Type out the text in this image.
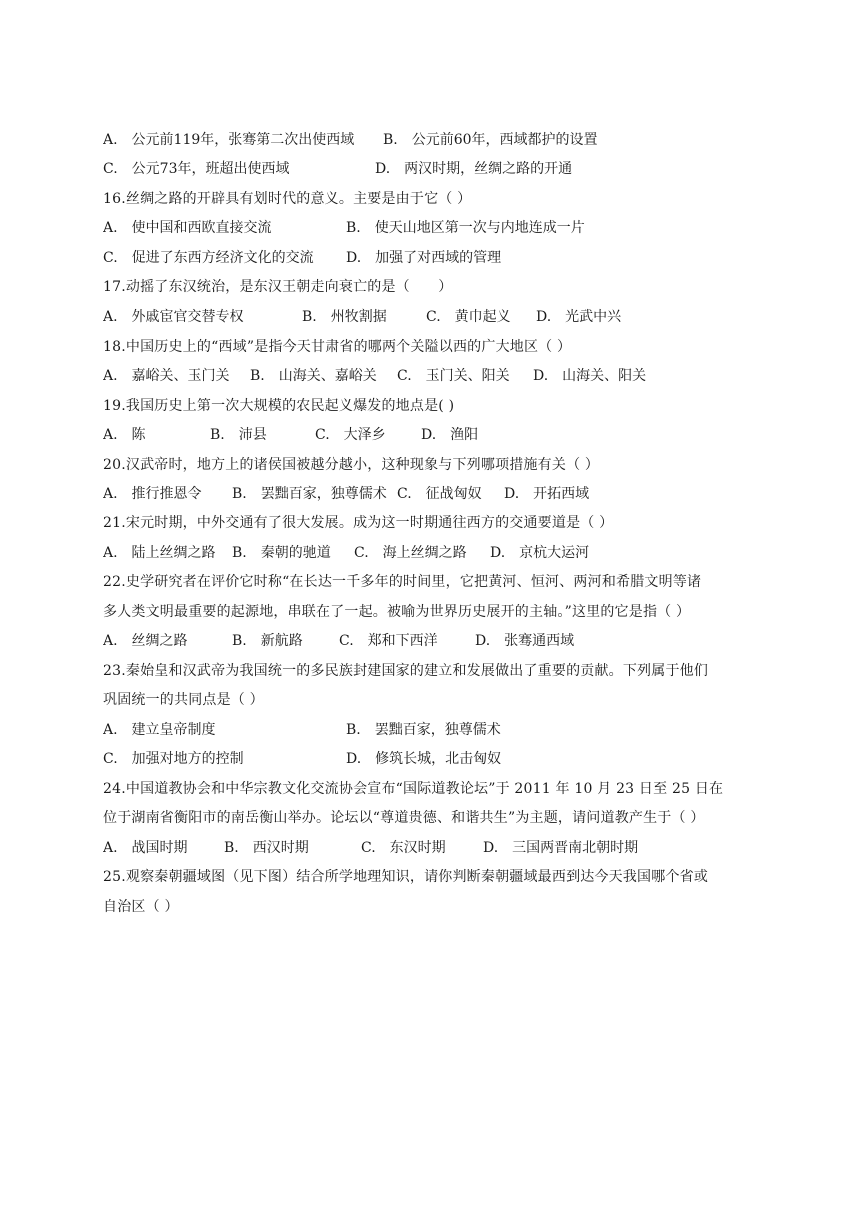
A.　公元前119年，张骞第二次出使西域

B.　公元前60年，西域都护的设置

C.　公元73年，班超出使西域

	D.　两汉时期，丝绸之路的开通

16.丝绸之路的开辟具有划时代的意义。主要是由于它（ ）

A.　使中国和西欧直接交流

	B.　使天山地区第一次与内地连成一片

C.　促进了东西方经济文化的交流

D.　加强了对西域的管理

17.动摇了东汉统治，是东汉王朝走向衰亡的是（　　）

A.　外戚宦官交替专权

	B.　州牧割据

	C.　黄巾起义

D.　光武中兴

18.中国历史上的“西域”是指今天甘肃省的哪两个关隘以西的广大地区（ ）

A.　嘉峪关、玉门关

B.　山海关、嘉峪关

C.　玉门关、阳关

D.　山海关、阳关

19.我国历史上第一次大规模的农民起义爆发的地点是( )

A.　陈

	B.　沛县

	C.　大泽乡

	D.　渔阳

20.汉武帝时，地方上的诸侯国被越分越小，这种现象与下列哪项措施有关（ ）

A.　推行推恩令

B.　罢黜百家，独尊儒术

C.　征战匈奴

D.　开拓西域

21.宋元时期，中外交通有了很大发展。成为这一时期通往西方的交通要道是（ ）

A.　陆上丝绸之路

B.　秦朝的驰道

C.　海上丝绸之路

D.　京杭大运河

22.史学研究者在评价它时称“在长达一千多年的时间里，它把黄河、恒河、两河和希腊文明等诸
多人类文明最重要的起源地，串联在了一起。被喻为世界历史展开的主轴。”这里的它是指（ ）

A.　丝绸之路

	B.　新航路

	C.　郑和下西洋

	D.　张骞通西域

23.秦始皇和汉武帝为我国统一的多民族封建国家的建立和发展做出了重要的贡献。下列属于他们
巩固统一的共同点是（ ）

A.　建立皇帝制度

	B.　罢黜百家，独尊儒术

C.　加强对地方的控制

	D.　修筑长城，北击匈奴

24.中国道教协会和中华宗教文化交流协会宣布“国际道教论坛”于 2011 年 10 月 23 日至 25 日在
位于湖南省衡阳市的南岳衡山举办。论坛以“尊道贵德、和谐共生”为主题，请问道教产生于（ ）

A.　战国时期

	B.　西汉时期

	C.　东汉时期

	D.　三国两晋南北朝时期

25.观察秦朝疆域图（见下图）结合所学地理知识，请你判断秦朝疆域最西到达今天我国哪个省或
自治区（ ）
